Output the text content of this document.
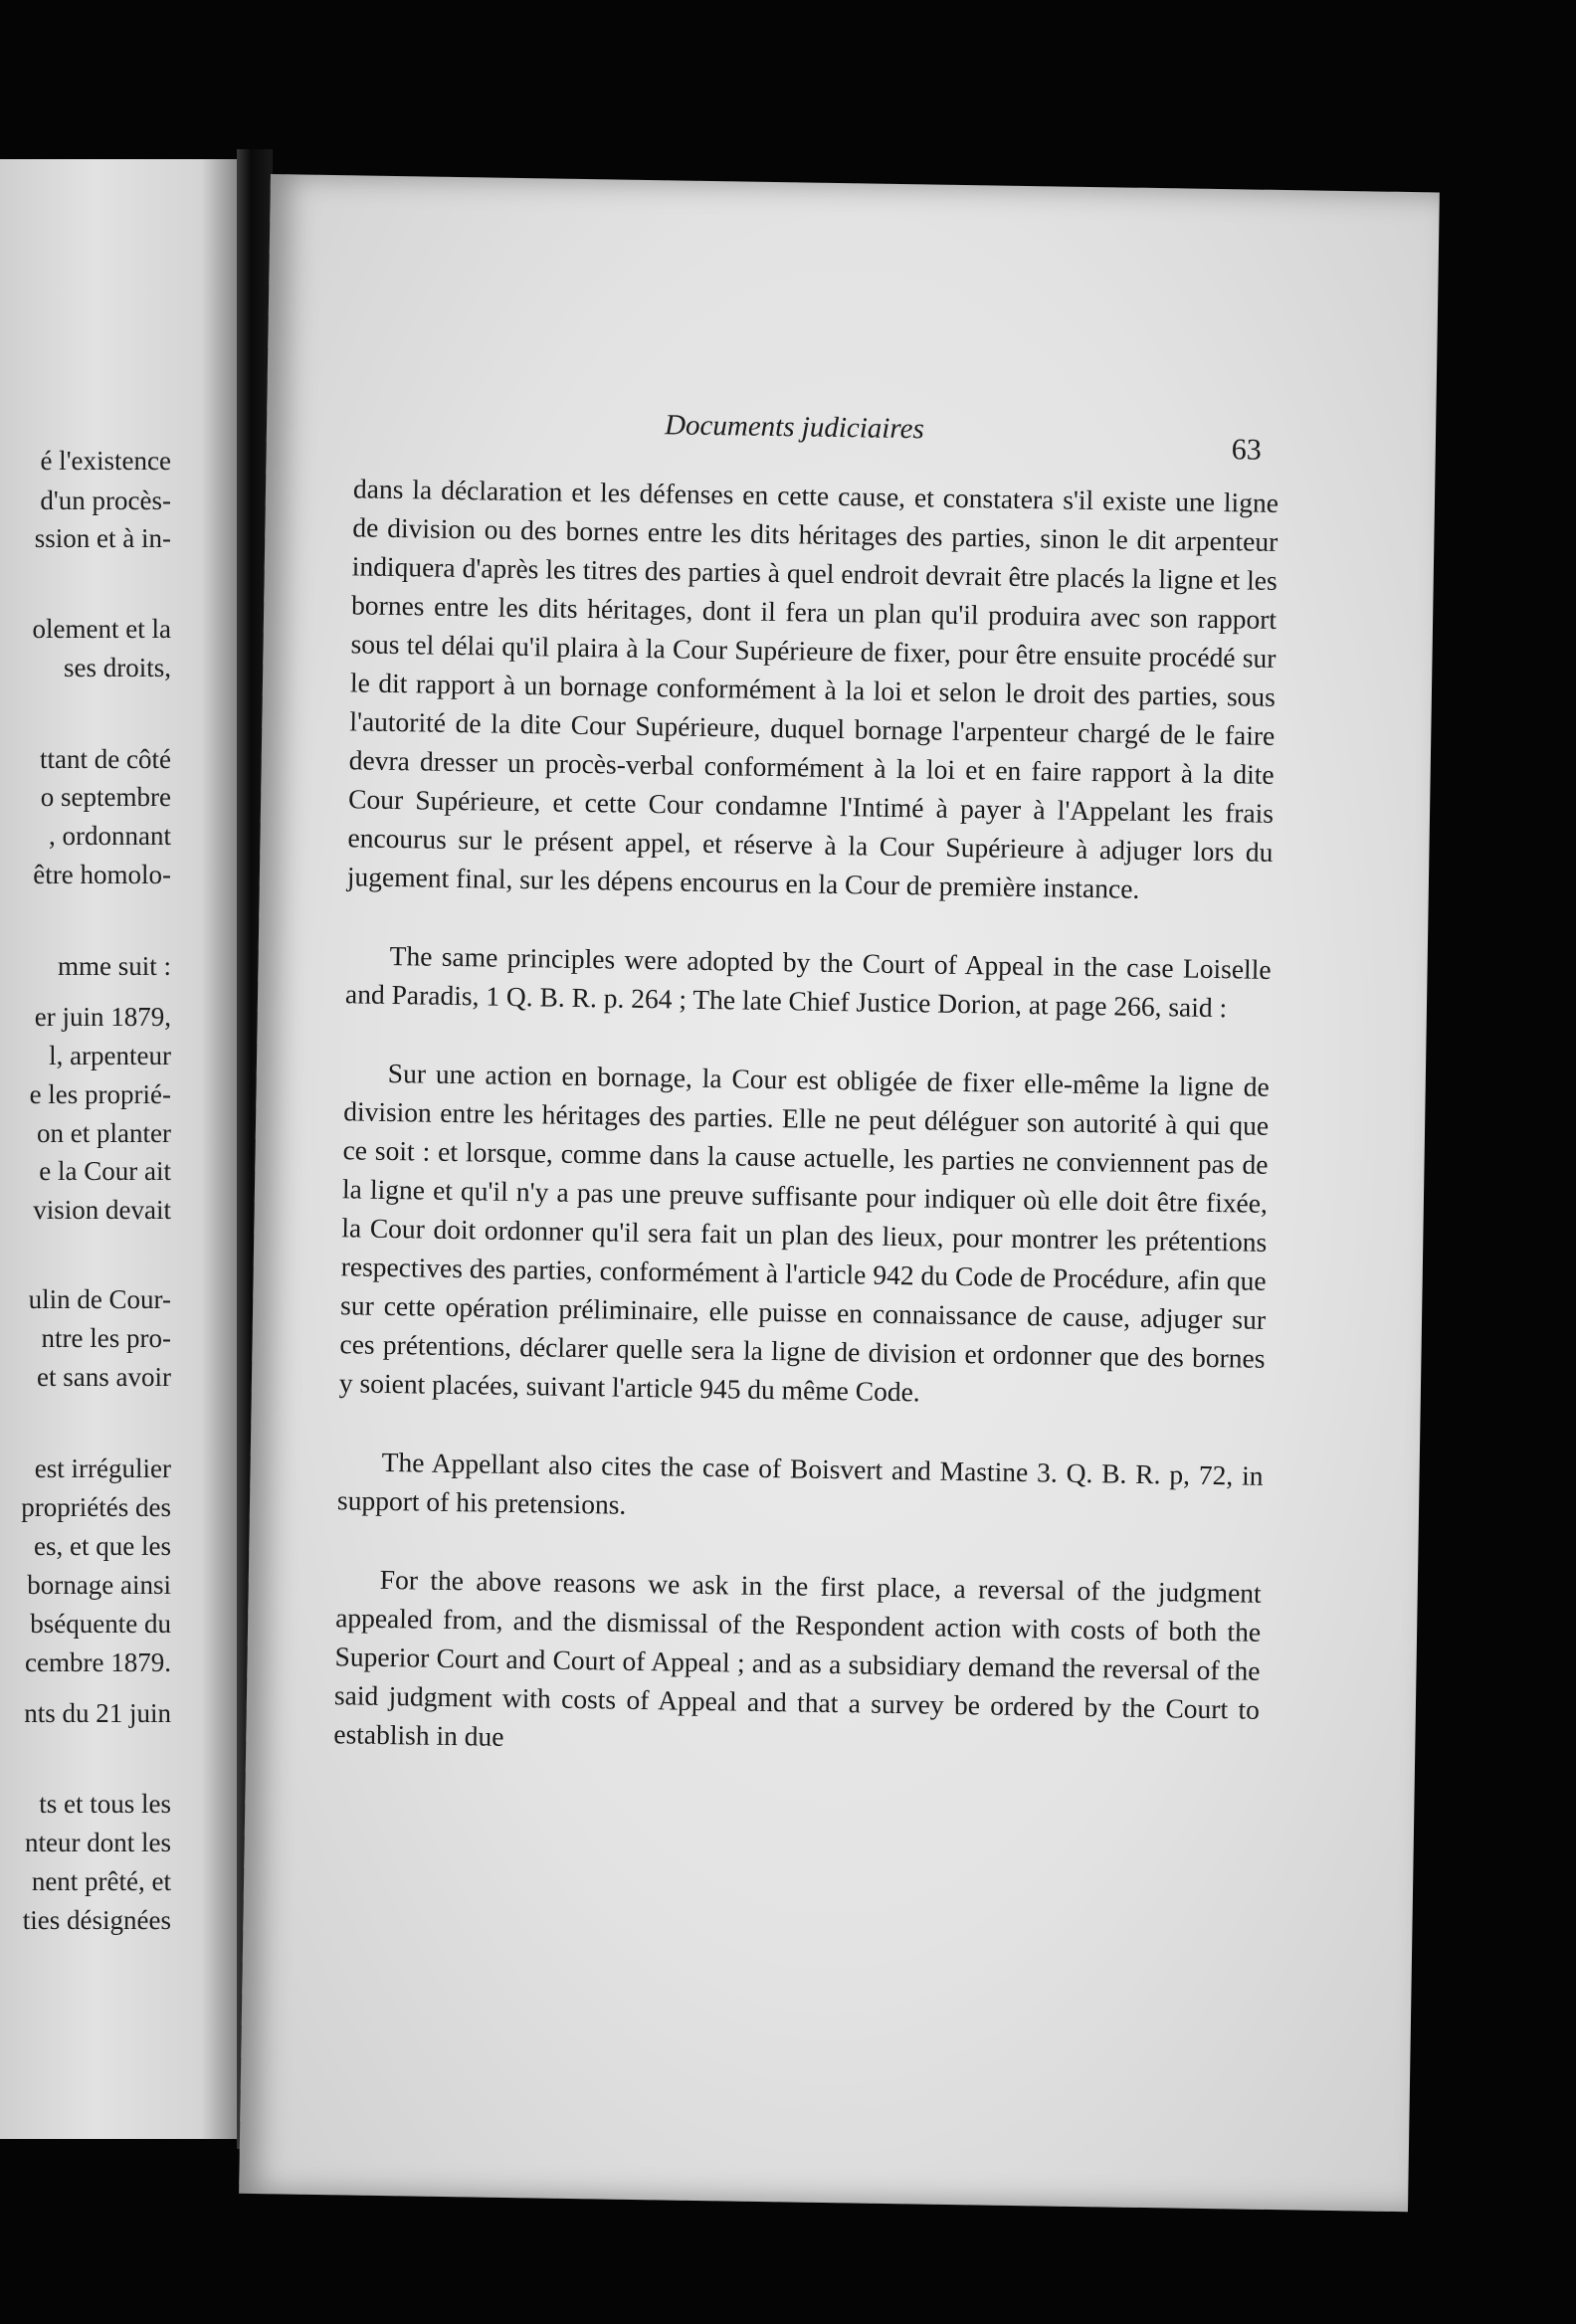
é l'existence
d'un procès-
ssion et à in-
olement et la
ses droits,
ttant de côté
o septembre
, ordonnant
être homolo-
mme suit :
er juin 1879,
l, arpenteur
e les proprié-
on et planter
e la Cour ait
vision devait
ulin de Cour-
ntre les pro-
et sans avoir
est irrégulier
propriétés des
es, et que les
bornage ainsi
bséquente du
cembre 1879.
nts du 21 juin
ts et tous les
nteur dont les
nent prêté, et
ties désignées
Documents judiciaires
63

dans la déclaration et les défenses en cette cause, et constatera s'il existe une ligne de division ou des bornes entre les dits héritages des parties, sinon le dit arpenteur indiquera d'après les titres des parties à quel endroit devrait être placés la ligne et les bornes entre les dits héritages, dont il fera un plan qu'il produira avec son rapport sous tel délai qu'il plaira à la Cour Supérieure de fixer, pour être ensuite procédé sur le dit rapport à un bornage conformément à la loi et selon le droit des parties, sous l'autorité de la dite Cour Supérieure, duquel bornage l'arpenteur chargé de le faire devra dresser un procès-verbal conformément à la loi et en faire rapport à la dite Cour Supérieure, et cette Cour condamne l'Intimé à payer à l'Appelant les frais encourus sur le présent appel, et réserve à la Cour Supérieure à adjuger lors du jugement final, sur les dépens encourus en la Cour de première instance.

The same principles were adopted by the Court of Appeal in the case Loiselle and Paradis, 1 Q. B. R. p. 264 ; The late Chief Justice Dorion, at page 266, said :

Sur une action en bornage, la Cour est obligée de fixer elle-même la ligne de division entre les héritages des parties. Elle ne peut déléguer son autorité à qui que ce soit : et lorsque, comme dans la cause actuelle, les parties ne conviennent pas de la ligne et qu'il n'y a pas une preuve suffisante pour indiquer où elle doit être fixée, la Cour doit ordonner qu'il sera fait un plan des lieux, pour montrer les prétentions respectives des parties, conformément à l'article 942 du Code de Procédure, afin que sur cette opération préliminaire, elle puisse en connaissance de cause, adjuger sur ces prétentions, déclarer quelle sera la ligne de division et ordonner que des bornes y soient placées, suivant l'article 945 du même Code.

The Appellant also cites the case of Boisvert and Mastine 3. Q. B. R. p, 72, in support of his pretensions.

For the above reasons we ask in the first place, a reversal of the judgment appealed from, and the dismissal of the Respondent action with costs of both the Superior Court and Court of Appeal ; and as a subsidiary demand the reversal of the said judgment with costs of Appeal and that a survey be ordered by the Court to establish in due
